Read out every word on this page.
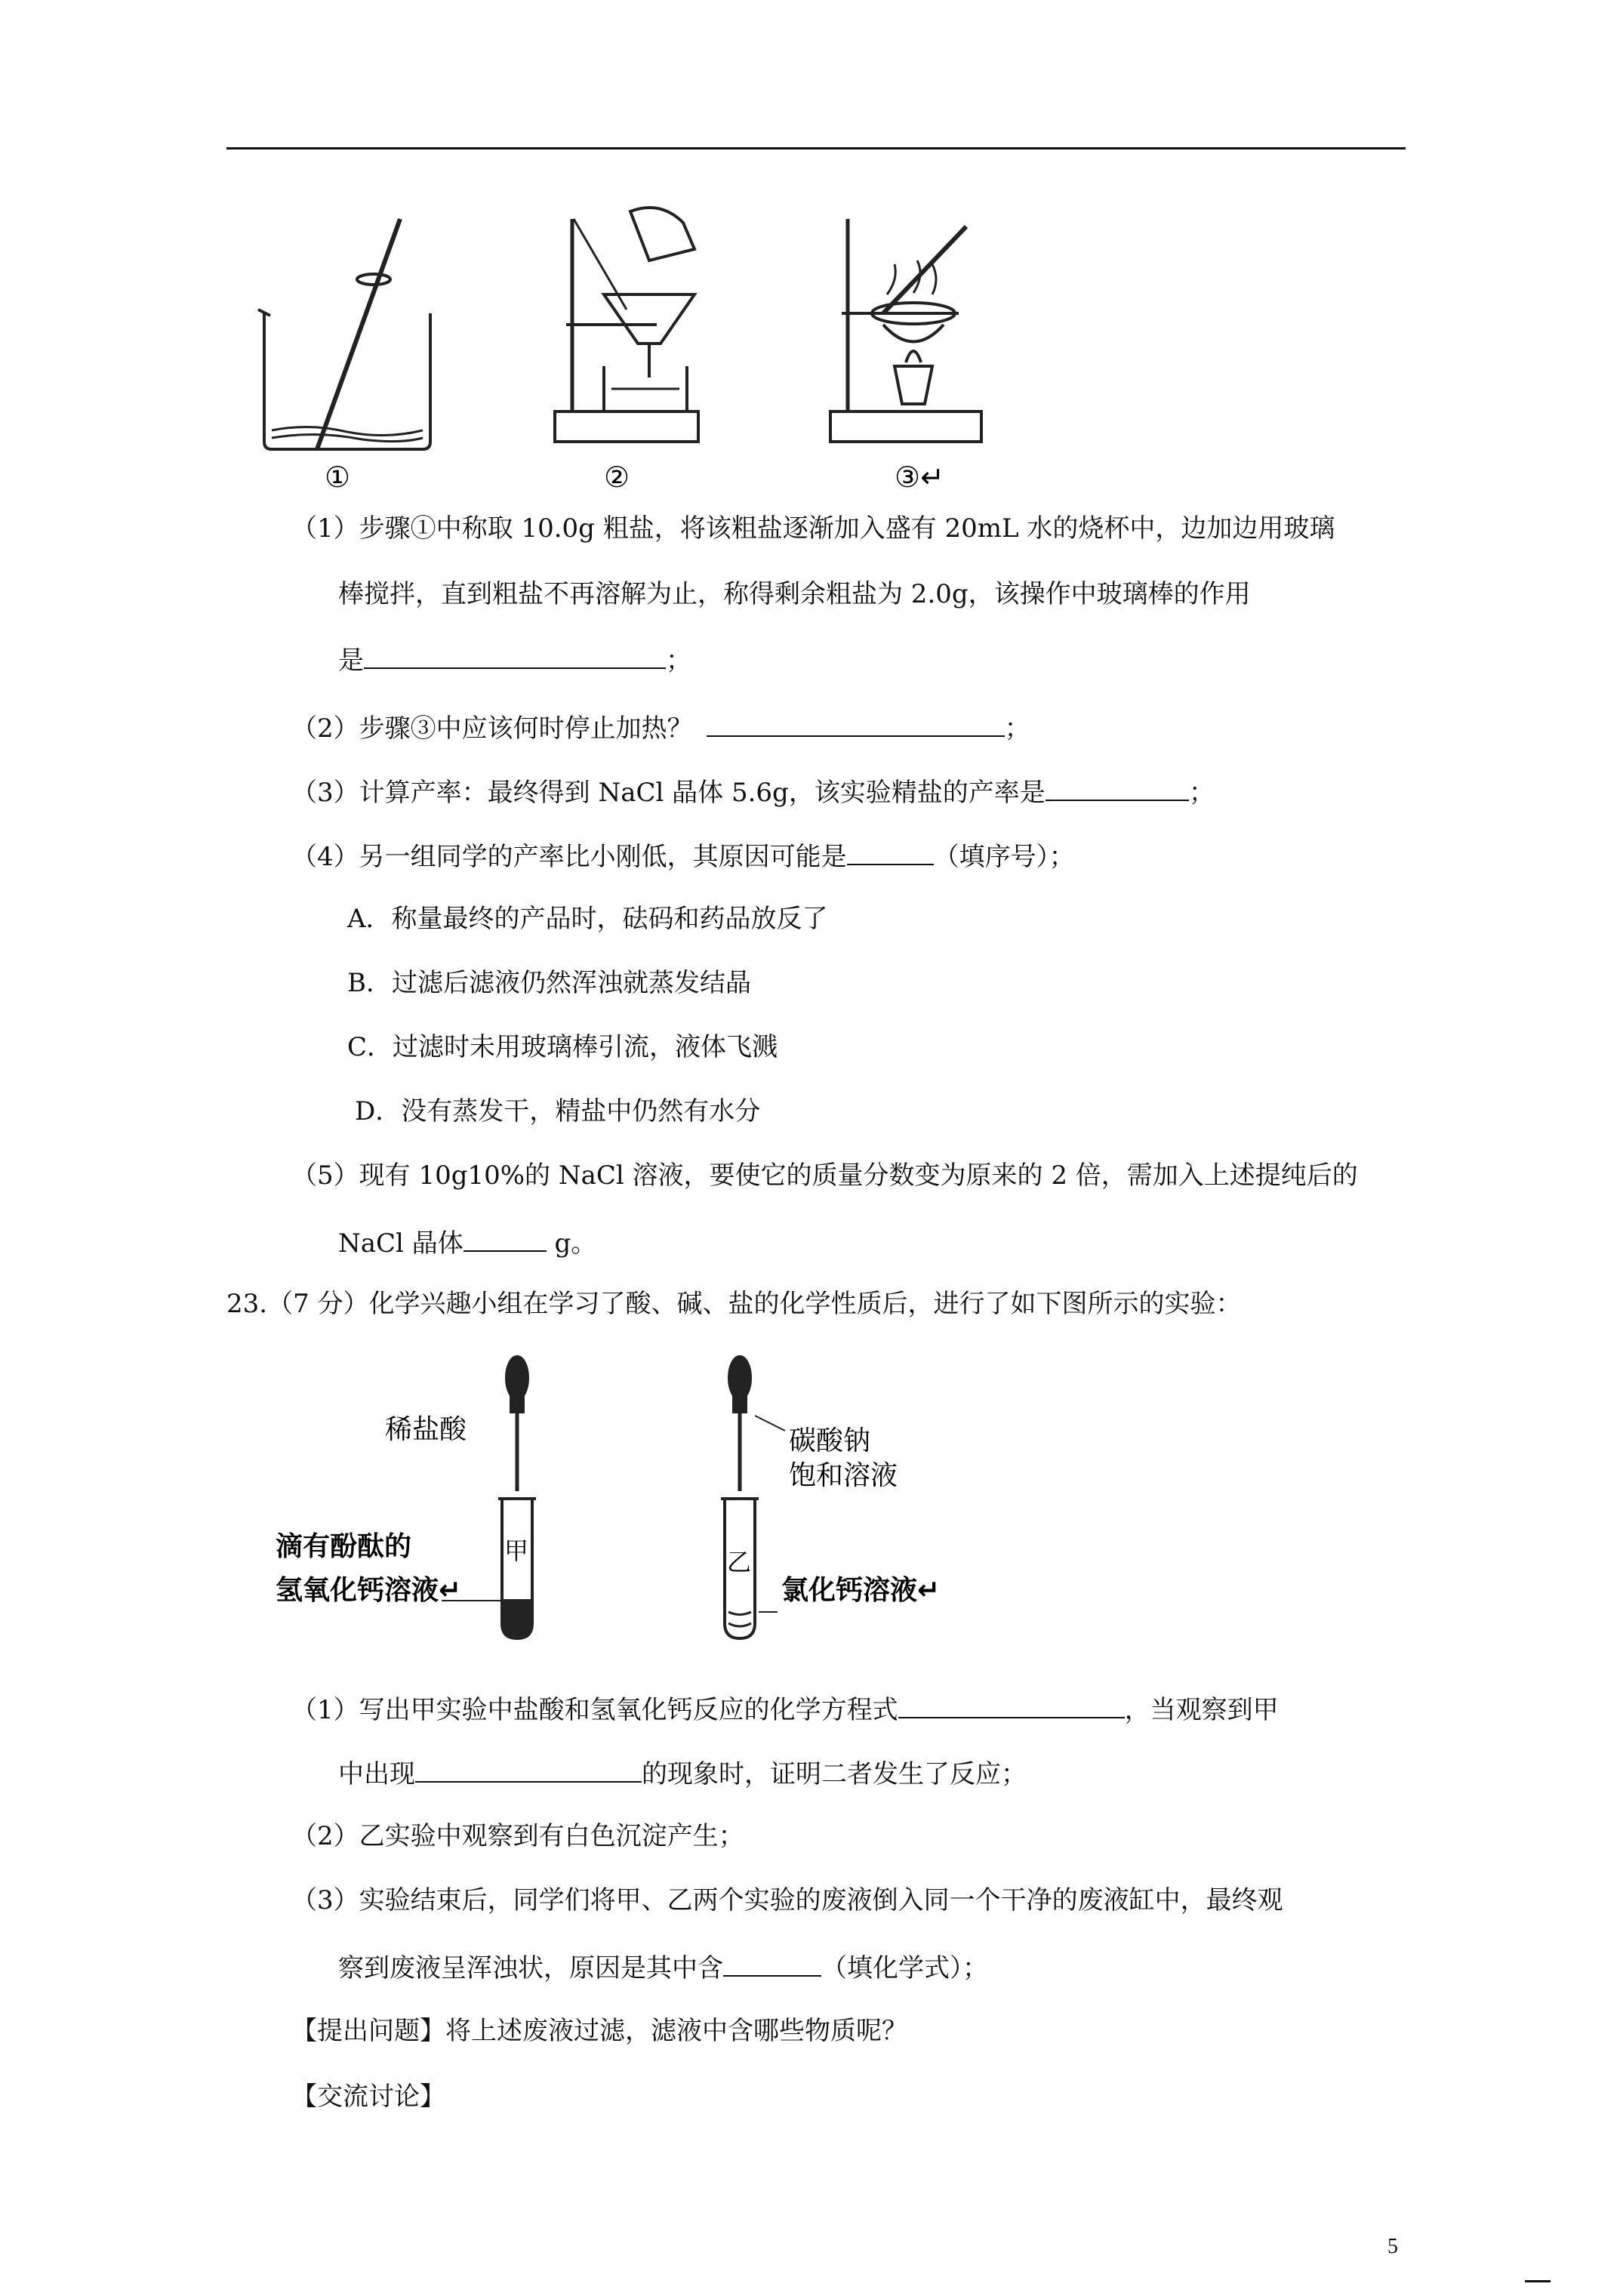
①	②	③↵
（1）步骤①中称取 10.0g 粗盐，将该粗盐逐渐加入盛有 20mL 水的烧杯中，边加边用玻璃
棒搅拌，直到粗盐不再溶解为止，称得剩余粗盐为 2.0g，该操作中玻璃棒的作用
是	；
（2）步骤③中应该何时停止加热？	；
（3）计算产率：最终得到 NaCl 晶体 5.6g，该实验精盐的产率是	；
（4）另一组同学的产率比小刚低，其原因可能是	（填序号）；
A．称量最终的产品时，砝码和药品放反了
B．过滤后滤液仍然浑浊就蒸发结晶
C．过滤时未用玻璃棒引流，液体飞溅
D．没有蒸发干，精盐中仍然有水分
（5）现有 10g10%的 NaCl 溶液，要使它的质量分数变为原来的 2 倍，需加入上述提纯后的
NaCl 晶体	g。
23.（7 分）化学兴趣小组在学习了酸、碱、盐的化学性质后，进行了如下图所示的实验：
稀盐酸
滴有酚酞的
氢氧化钙溶液↵
甲
碳酸钠
饱和溶液
乙
氯化钙溶液↵
（1）写出甲实验中盐酸和氢氧化钙反应的化学方程式	，当观察到甲
中出现	的现象时，证明二者发生了反应；
（2）乙实验中观察到有白色沉淀产生；
（3）实验结束后，同学们将甲、乙两个实验的废液倒入同一个干净的废液缸中，最终观
察到废液呈浑浊状，原因是其中含	（填化学式）；
【提出问题】将上述废液过滤，滤液中含哪些物质呢？
【交流讨论】
5
